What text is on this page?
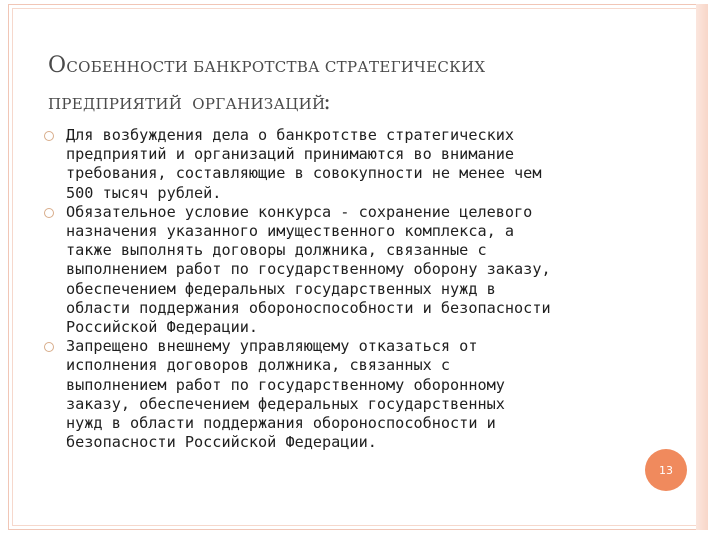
ОСОБЕННОСТИ БАНКРОТСТВА СТРАТЕГИЧЕСКИХ
ПРЕДПРИЯТИЙ  ОРГАНИЗАЦИЙ:
Для возбуждения дела о банкротстве стратегических
предприятий и организаций принимаются во внимание
требования, составляющие в совокупности не менее чем
500 тысяч рублей.
Обязательное условие конкурса - сохранение целевого
назначения указанного имущественного комплекса, а
также выполнять договоры должника, связанные с
выполнением работ по государственному оборону заказу,
обеспечением федеральных государственных нужд в
области поддержания обороноспособности и безопасности
Российской Федерации.
Запрещено внешнему управляющему отказаться от
исполнения договоров должника, связанных с
выполнением работ по государственному оборонному
заказу, обеспечением федеральных государственных
нужд в области поддержания обороноспособности и
безопасности Российской Федерации.
13
